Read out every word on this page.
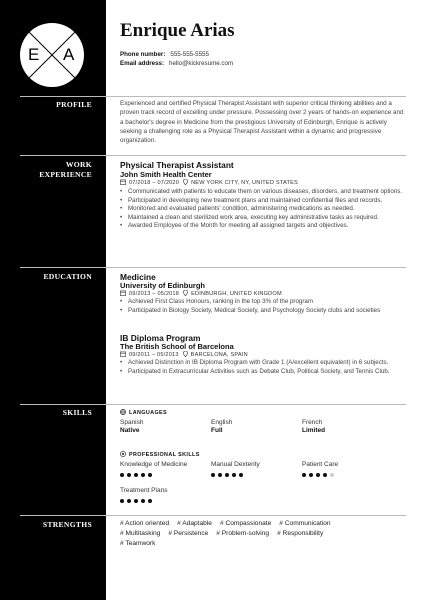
E A
Enrique Arias
Phone number: 555-555-5555
Email address: hello@kickresume.com
PROFILE	Experienced and certified Physical Therapist Assistant with superior critical thinking abilities and a proven track record of excelling under pressure. Possessing over 2 years of hands-on experience and a bachelor's degree in Medicine from the prestigious University of Edinburgh, Enrique is actively seeking a challenging role as a Physical Therapist Assistant within a dynamic and progressive organization.
WORK
EXPERIENCE
Physical Therapist Assistant
John Smith Health Center
07/2018 – 07/2020 NEW YORK CITY, NY, UNITED STATES
• Communicated with patients to educate them on various diseases, disorders, and treatment options.
• Participated in developing new treatment plans and maintained confidential files and records.
• Monitored and evaluated patients' condition, administering medications as needed.
• Maintained a clean and sterilized work area, executing key administrative tasks as required.
• Awarded Employee of the Month for meeting all assigned targets and objectives.
EDUCATION	Medicine
University of Edinburgh
09/2013 – 05/2018 EDINBURGH, UNITED KINGDOM
• Achieved First Class Honours, ranking in the top 3% of the program
• Participated in Biology Society, Medical Society, and Psychology Society clubs and societies
IB Diploma Program
The British School of Barcelona
09/2011 – 05/2013 BARCELONA, SPAIN
• Achieved Distinction in IB Diploma Program with Grade 1 (A/excellent equivalent) in 6 subjects.
• Participated in Extracurricular Activities such as Debate Club, Political Society, and Tennis Club.
SKILLS	LANGUAGES
Spanish
Native
English
Full
French
Limited
PROFESSIONAL SKILLS
Knowledge of Medicine	Manual Dexterity	Patient Care
Treatment Plans
STRENGTHS	# Action oriented # Adaptable # Compassionate # Communication
# Multitasking # Persistence # Problem-solving # Responsibility
# Teamwork
